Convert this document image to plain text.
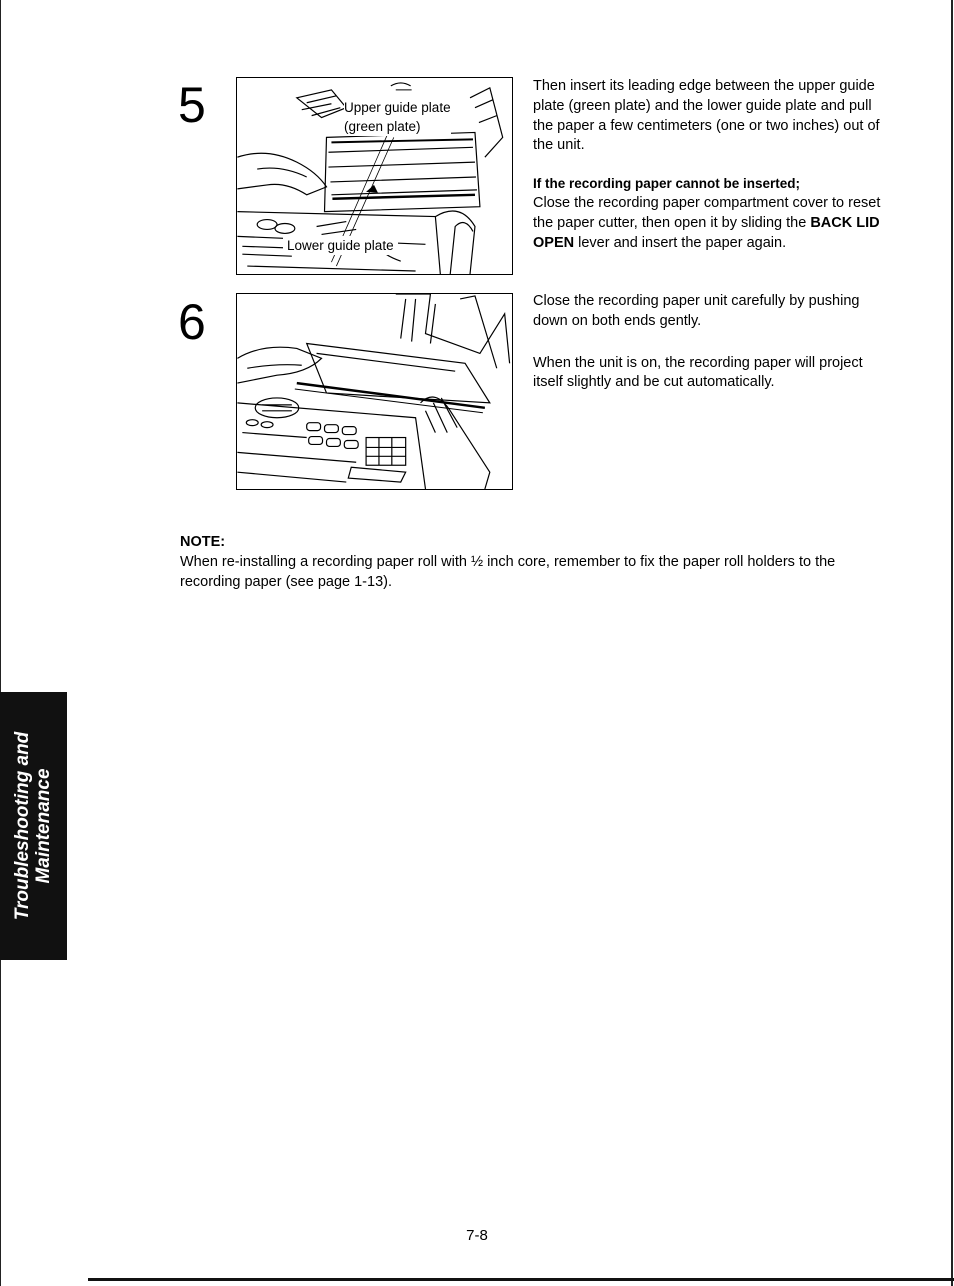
5	Upper guide plate
(green plate)
Lower guide plate

Then insert its leading edge between the upper guide plate (green plate) and the lower guide plate and pull the paper a few centimeters (one or two inches) out of the unit.

If the recording paper cannot be inserted;

Close the recording paper compartment cover to reset the paper cutter, then open it by sliding the BACK LID OPEN lever and insert the paper again.

6	Close the recording paper unit carefully by pushing down on both ends gently.

When the unit is on, the recording paper will project itself slightly and be cut automatically.

NOTE:

When re-installing a recording paper roll with ½ inch core, remember to fix the paper roll holders to the recording paper (see page 1-13).

Troubleshooting and Maintenance
7-8
